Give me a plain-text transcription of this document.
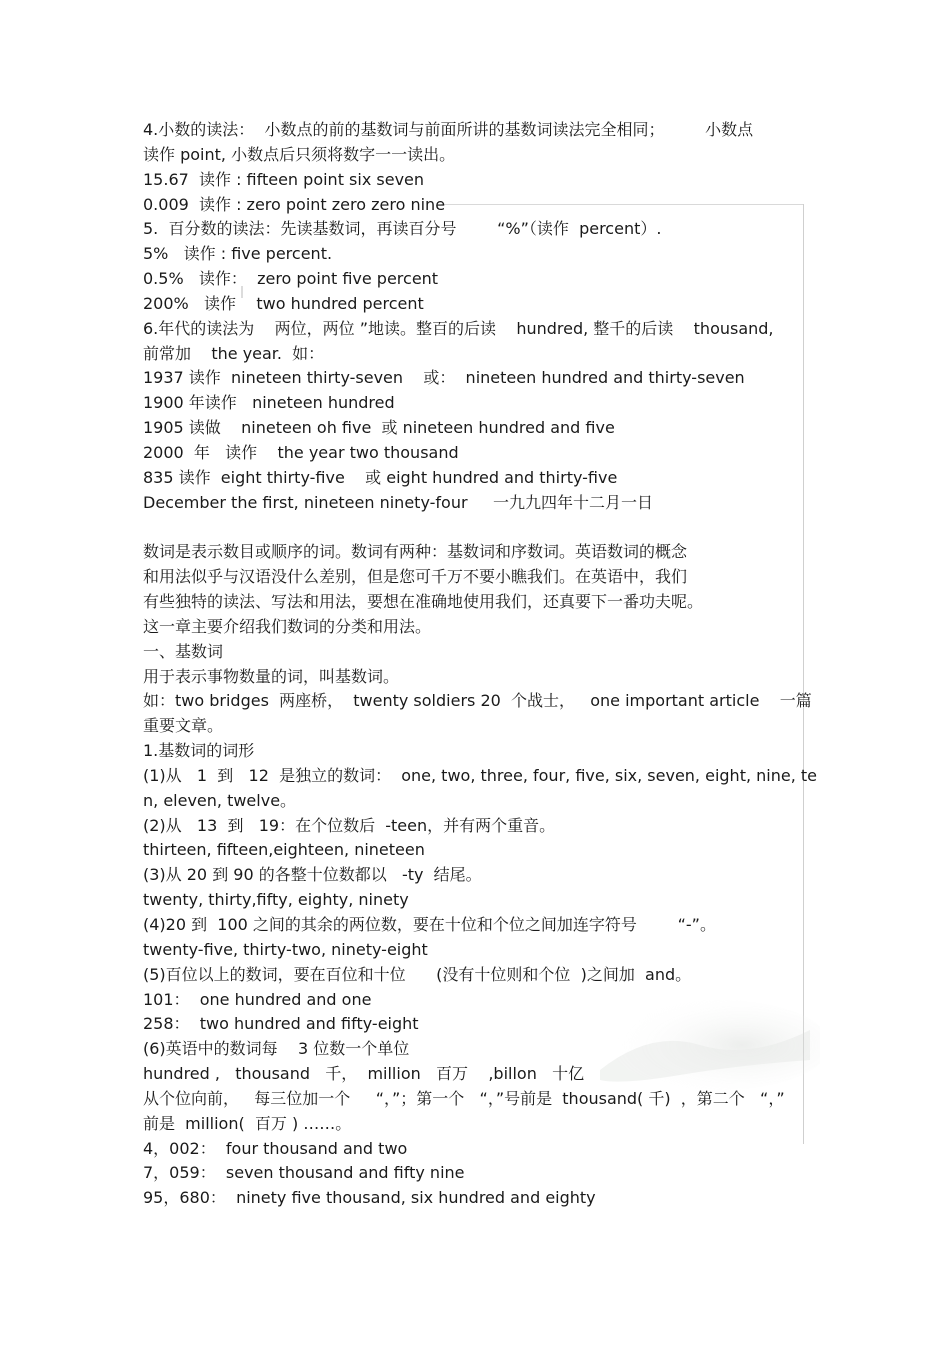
4.小数的读法：  小数点的前的基数词与前面所讲的基数词读法完全相同；        小数点
读作 point, 小数点后只须将数字一一读出。
15.67  读作 : fifteen point six seven
0.009  读作 : zero point zero zero nine
5.  百分数的读法：先读基数词，再读百分号        “%”（读作  percent）.
5%   读作 : five percent.
0.5%   读作：  zero point five percent
200%   读作    two hundred percent
6.年代的读法为    两位，两位 ”地读。整百的后读    hundred, 整千的后读    thousand,
前常加    the year.  如：
1937 读作  nineteen thirty-seven    或：  nineteen hundred and thirty-seven
1900 年读作   nineteen hundred
1905 读做    nineteen oh five  或 nineteen hundred and five
2000  年   读作    the year two thousand
835 读作  eight thirty-five    或 eight hundred and thirty-five
December the first, nineteen ninety-four     一九九四年十二月一日
数词是表示数目或顺序的词。数词有两种：基数词和序数词。英语数词的概念
和用法似乎与汉语没什么差别，但是您可千万不要小瞧我们。在英语中，我们
有些独特的读法、写法和用法，要想在准确地使用我们，还真要下一番功夫呢。
这一章主要介绍我们数词的分类和用法。
一、基数词
用于表示事物数量的词，叫基数词。
如：two bridges  两座桥，  twenty soldiers 20  个战士，   one important article    一篇
重要文章。
1.基数词的词形
(1)从   1  到   12  是独立的数词：  one, two, three, four, five, six, seven, eight, nine, te
n, eleven, twelve。
(2)从   13  到   19：在个位数后  -teen，并有两个重音。
thirteen, fifteen,eighteen, nineteen
(3)从 20 到 90 的各整十位数都以   -ty  结尾。
twenty, thirty,fifty, eighty, ninety
(4)20 到  100 之间的其余的两位数，要在十位和个位之间加连字符号        “-”。
twenty-five, thirty-two, ninety-eight
(5)百位以上的数词，要在百位和十位      (没有十位则和个位  )之间加  and。
101：  one hundred and one
258：  two hundred and fifty-eight
(6)英语中的数词每    3 位数一个单位
hundred ,   thousand   千，  million   百万    ,billon   十亿
从个位向前，   每三位加一个     “，”；第一个   “，”号前是  thousand( 千)  ，第二个   “，”
前是  million(  百万 ) ……。
4，002：  four thousand and two
7，059：  seven thousand and fifty nine
95，680：  ninety five thousand, six hundred and eighty
